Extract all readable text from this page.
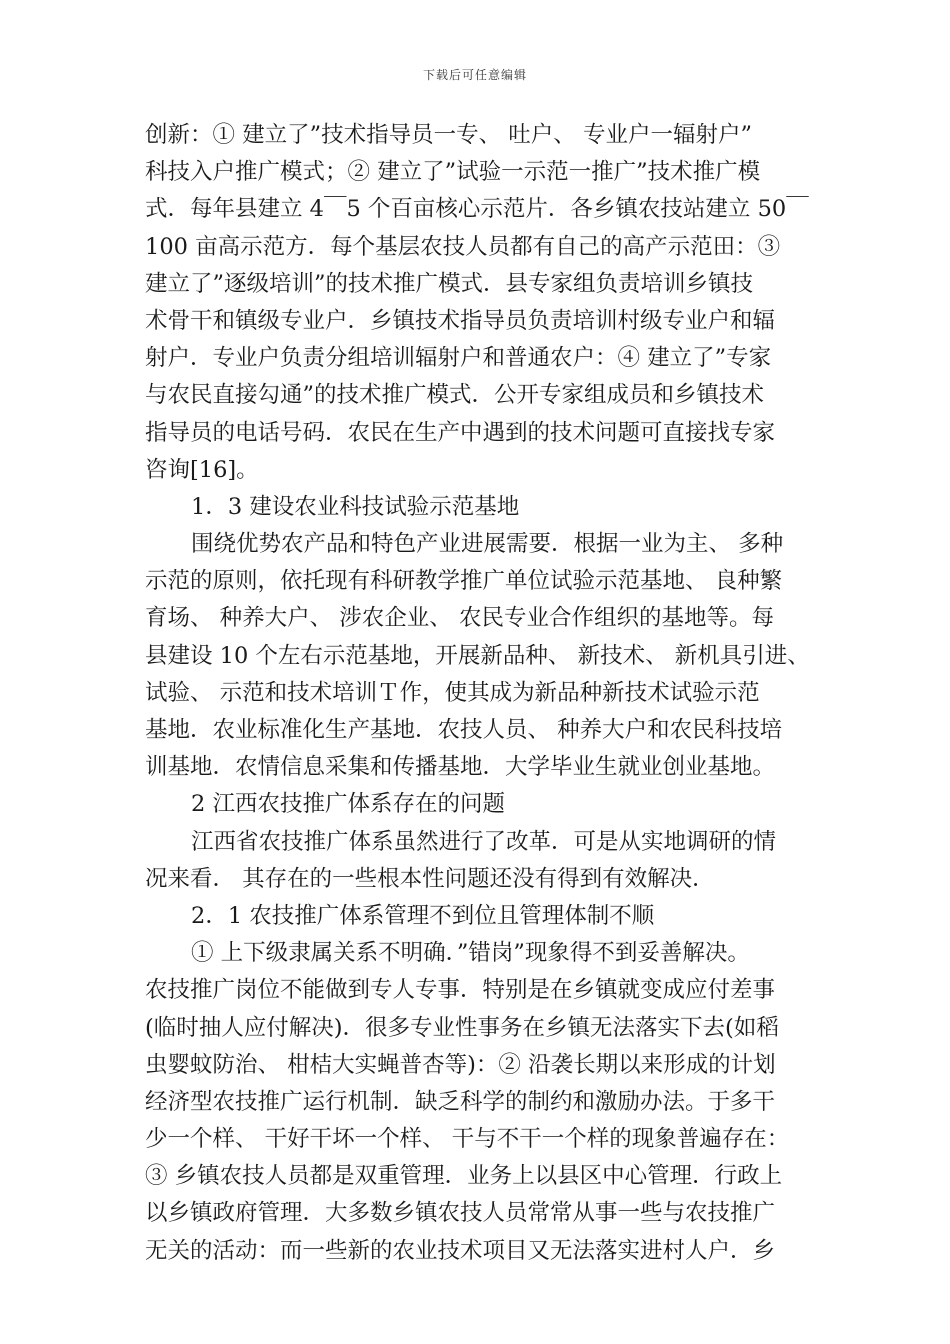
下载后可任意编辑
创新：① 建立了”技术指导员一专、 吐户、 专业户一辐射户”
科技入户推广模式；② 建立了”试验一示范一推广”技术推广模
式．每年县建立 4￣5 个百亩核心示范片．各乡镇农技站建立 50￣
100 亩高示范方．每个基层农技人员都有自己的高产示范田：③
建立了”逐级培训”的技术推广模式．县专家组负责培训乡镇技
术骨干和镇级专业户．乡镇技术指导员负责培训村级专业户和辐
射户．专业户负责分组培训辐射户和普通农户：④ 建立了”专家
与农民直接勾通”的技术推广模式．公开专家组成员和乡镇技术
指导员的电话号码．农民在生产中遇到的技术问题可直接找专家
咨询[16]。
1．3 建设农业科技试验示范基地
围绕优势农产品和特色产业进展需要．根据一业为主、 多种
示范的原则，依托现有科研教学推广单位试验示范基地、 良种繁
育场、 种养大户、 涉农企业、 农民专业合作组织的基地等。每
县建设 10 个左右示范基地，开展新品种、 新技术、 新机具引进、
试验、 示范和技术培训Ｔ作，使其成为新品种新技术试验示范
基地．农业标准化生产基地．农技人员、 种养大户和农民科技培
训基地．农情信息采集和传播基地．大学毕业生就业创业基地。
2 江西农技推广体系存在的问题
江西省农技推广体系虽然进行了改革．可是从实地调研的情
况来看． 其存在的一些根本性问题还没有得到有效解决．
2．1 农技推广体系管理不到位且管理体制不顺
① 上下级隶属关系不明确．”错岗”现象得不到妥善解决。
农技推广岗位不能做到专人专事．特别是在乡镇就变成应付差事
(临时抽人应付解决)．很多专业性事务在乡镇无法落实下去(如稻
虫婴蚊防治、 柑桔大实蝇普杏等)：② 沿袭长期以来形成的计划
经济型农技推广运行机制．缺乏科学的制约和激励办法。于多干
少一个样、 干好干坏一个样、 干与不干一个样的现象普遍存在：
③ 乡镇农技人员都是双重管理．业务上以县区中心管理．行政上
以乡镇政府管理．大多数乡镇农技人员常常从事一些与农技推广
无关的活动：而一些新的农业技术项目又无法落实进村人户．乡
